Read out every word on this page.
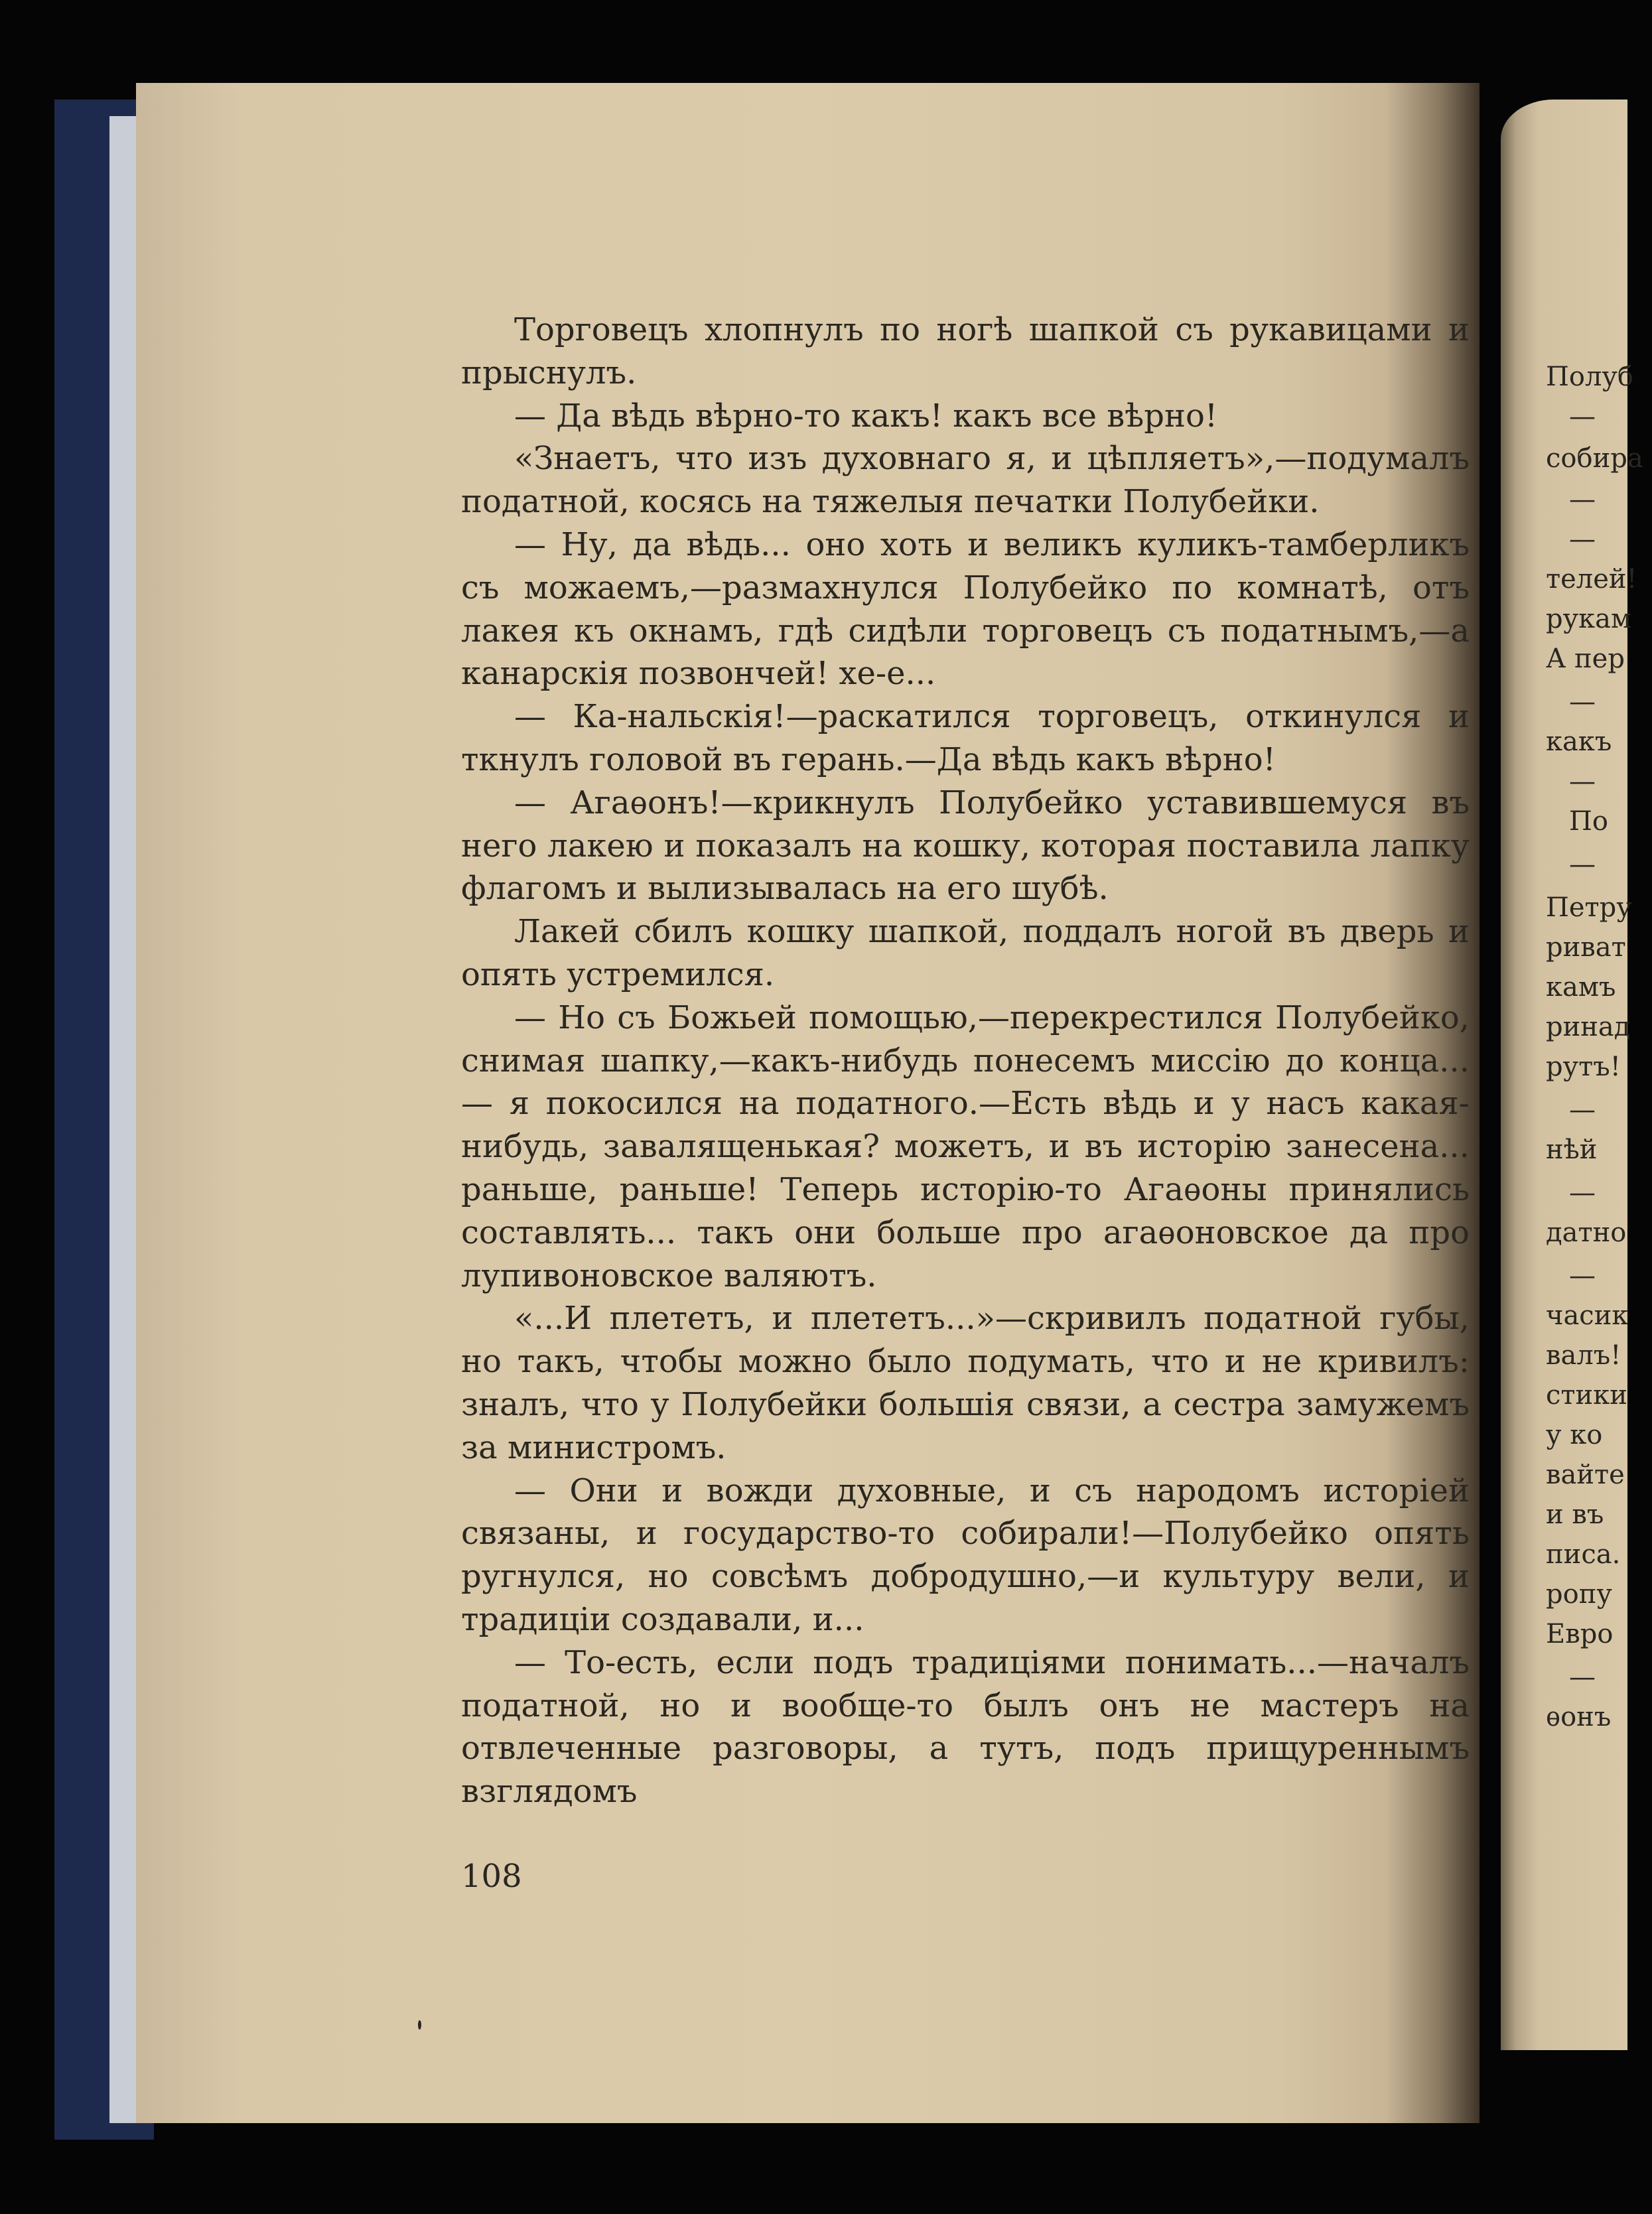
Торговецъ хлопнулъ по ногѣ шапкой съ рукавицами и прыснулъ.

— Да вѣдь вѣрно-то какъ! какъ все вѣрно!

«Знаетъ, что изъ духовнаго я, и цѣпляетъ»,—подумалъ податной, косясь на тяжелыя печатки Полубейки.

— Ну, да вѣдь... оно хоть и великъ куликъ-тамберликъ съ можаемъ,—размахнулся Полубейко по комнатѣ, отъ лакея къ окнамъ, гдѣ сидѣли торговецъ съ податнымъ,—а канарскія позвончей! хе-е...

— Ка-нальскія!—раскатился торговецъ, откинулся и ткнулъ головой въ герань.—Да вѣдь какъ вѣрно!

— Агаѳонъ!—крикнулъ Полубейко уставившемуся въ него лакею и показалъ на кошку, которая поставила лапку флагомъ и вылизывалась на его шубѣ.

Лакей сбилъ кошку шапкой, поддалъ ногой въ дверь и опять устремился.

— Но съ Божьей помощью,—перекрестился Полубейко, снимая шапку,—какъ-нибудь понесемъ миссію до конца...— я покосился на податного.—Есть вѣдь и у насъ какая-нибудь, завалященькая? можетъ, и въ исторію занесена... раньше, раньше! Теперь исторію-то Агаѳоны принялись составлять... такъ они больше про агаѳоновское да про лупивоновское валяютъ.

«...И плететъ, и плететъ...»—скривилъ податной губы, но такъ, чтобы можно было подумать, что и не кривилъ: зналъ, что у Полубейки большія связи, а сестра замужемъ за министромъ.

— Они и вожди духовные, и съ народомъ исторіей связаны, и государство-то собирали!—Полубейко опять ругнулся, но совсѣмъ добродушно,—и культуру вели, и традиціи создавали, и...

— То-есть, если подъ традиціями понимать...—началъ податной, но и вообще-то былъ онъ не мастеръ на отвлеченные разговоры, а тутъ, подъ прищуреннымъ взглядомъ

108

Полуб
—
собира
—
—
телей!
рукам
А пер
—
какъ
—
По
—
Петру
риват
камъ
ринад
рутъ!
—
нѣй
—
датно
—
часик
валъ!
стики
у ко
вайте
и въ
писа.
ропу
Евро
—
ѳонъ
